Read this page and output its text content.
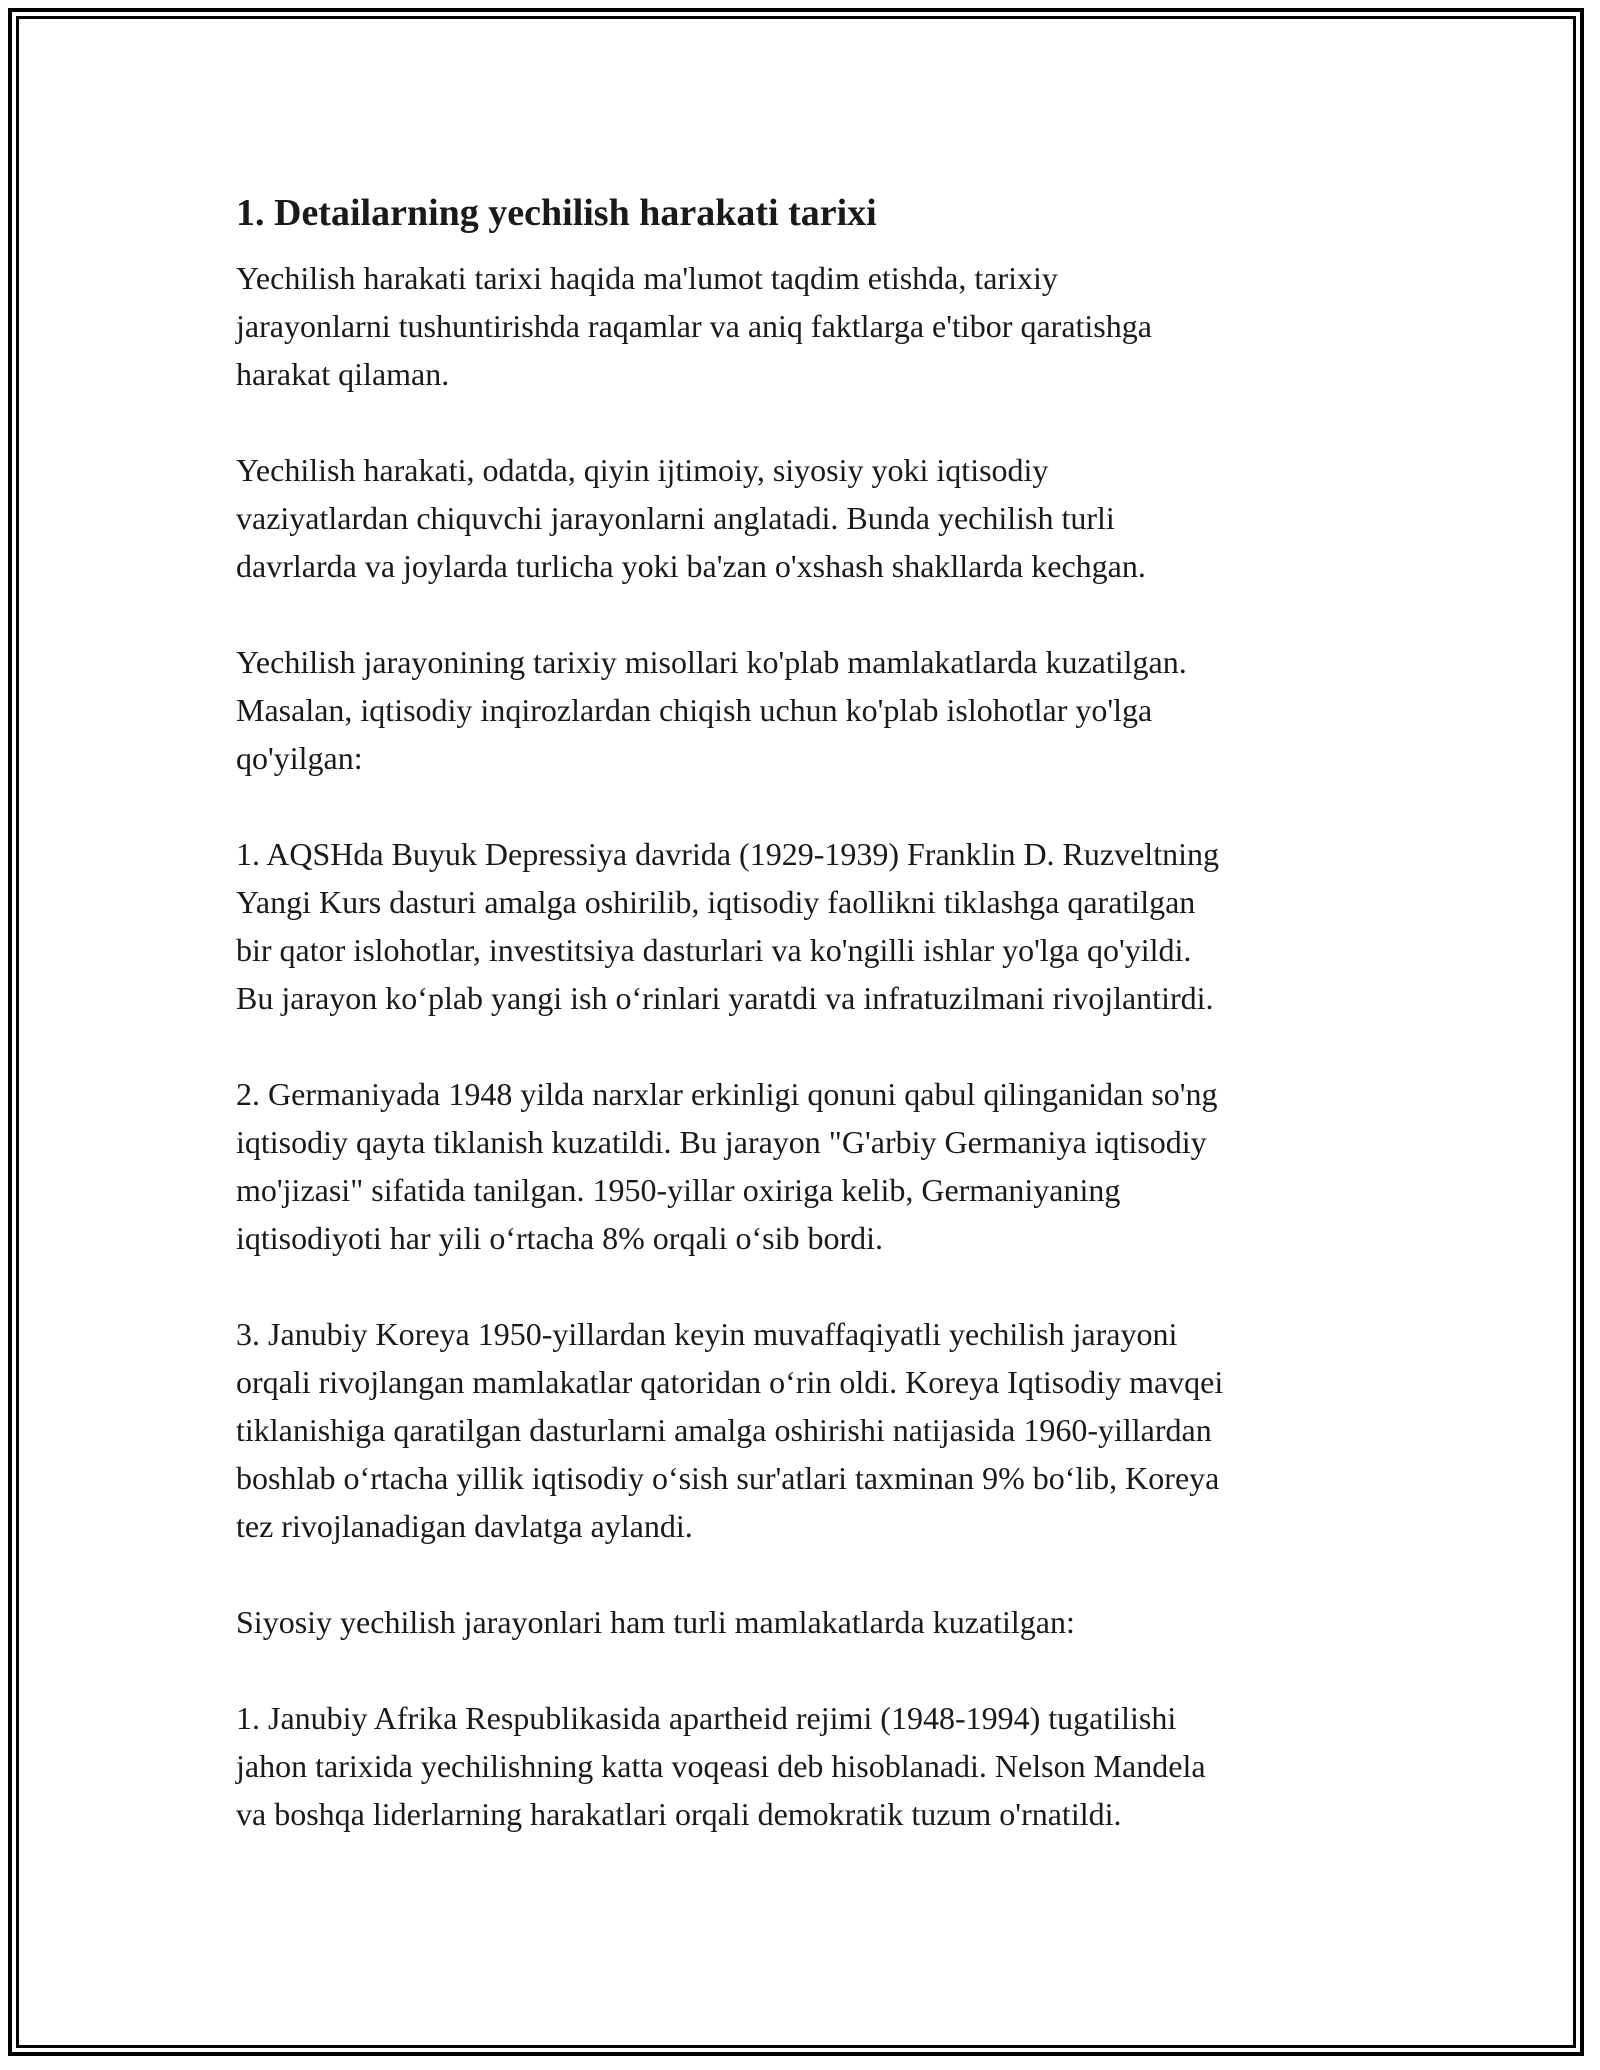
1. Detailarning yechilish harakati tarixi

Yechilish harakati tarixi haqida ma'lumot taqdim etishda, tarixiy
jarayonlarni tushuntirishda raqamlar va aniq faktlarga e'tibor qaratishga
harakat qilaman.

Yechilish harakati, odatda, qiyin ijtimoiy, siyosiy yoki iqtisodiy
vaziyatlardan chiquvchi jarayonlarni anglatadi. Bunda yechilish turli
davrlarda va joylarda turlicha yoki ba'zan o'xshash shakllarda kechgan.

Yechilish jarayonining tarixiy misollari ko'plab mamlakatlarda kuzatilgan.
Masalan, iqtisodiy inqirozlardan chiqish uchun ko'plab islohotlar yo'lga
qo'yilgan:

1. AQSHda Buyuk Depressiya davrida (1929-1939) Franklin D. Ruzveltning
Yangi Kurs dasturi amalga oshirilib, iqtisodiy faollikni tiklashga qaratilgan
bir qator islohotlar, investitsiya dasturlari va ko'ngilli ishlar yo'lga qo'yildi.
Bu jarayon ko‘plab yangi ish o‘rinlari yaratdi va infratuzilmani rivojlantirdi.

2. Germaniyada 1948 yilda narxlar erkinligi qonuni qabul qilinganidan so'ng
iqtisodiy qayta tiklanish kuzatildi. Bu jarayon "G'arbiy Germaniya iqtisodiy
mo'jizasi" sifatida tanilgan. 1950-yillar oxiriga kelib, Germaniyaning
iqtisodiyoti har yili o‘rtacha 8% orqali o‘sib bordi.

3. Janubiy Koreya 1950-yillardan keyin muvaffaqiyatli yechilish jarayoni
orqali rivojlangan mamlakatlar qatoridan o‘rin oldi. Koreya Iqtisodiy mavqei
tiklanishiga qaratilgan dasturlarni amalga oshirishi natijasida 1960-yillardan
boshlab o‘rtacha yillik iqtisodiy o‘sish sur'atlari taxminan 9% bo‘lib, Koreya
tez rivojlanadigan davlatga aylandi.

Siyosiy yechilish jarayonlari ham turli mamlakatlarda kuzatilgan:

1. Janubiy Afrika Respublikasida apartheid rejimi (1948-1994) tugatilishi
jahon tarixida yechilishning katta voqeasi deb hisoblanadi. Nelson Mandela
va boshqa liderlarning harakatlari orqali demokratik tuzum o'rnatildi.
